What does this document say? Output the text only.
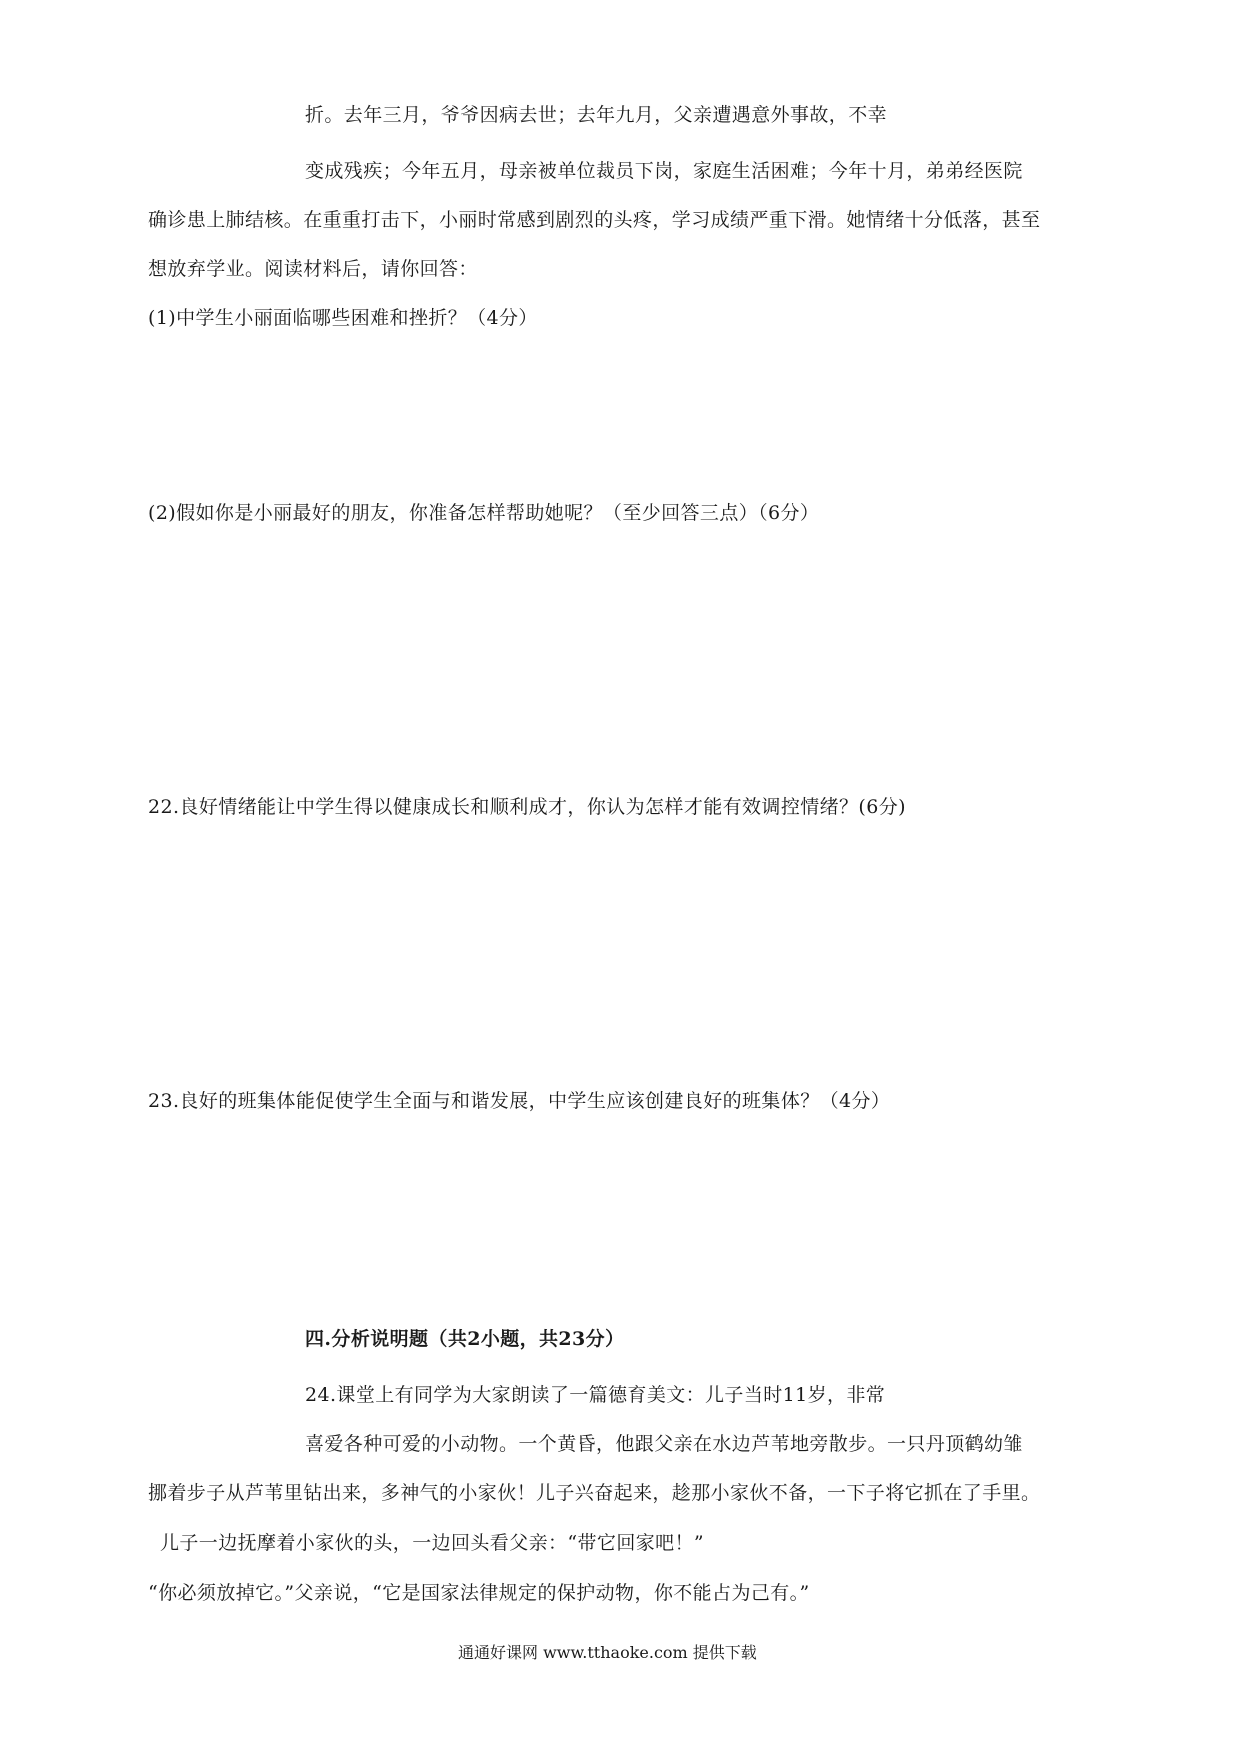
折。去年三月，爷爷因病去世；去年九月，父亲遭遇意外事故，不幸
变成残疾；今年五月，母亲被单位裁员下岗，家庭生活困难；今年十月，弟弟经医院
确诊患上肺结核。在重重打击下，小丽时常感到剧烈的头疼，学习成绩严重下滑。她情绪十分低落，甚至
想放弃学业。阅读材料后，请你回答：
(1)中学生小丽面临哪些困难和挫折？（4分）
(2)假如你是小丽最好的朋友，你准备怎样帮助她呢？（至少回答三点）（6分）
22.良好情绪能让中学生得以健康成长和顺利成才，你认为怎样才能有效调控情绪？(6分)
23.良好的班集体能促使学生全面与和谐发展，中学生应该创建良好的班集体？（4分）
四.分析说明题（共2小题，共23分）
24.课堂上有同学为大家朗读了一篇德育美文：儿子当时11岁，非常
喜爱各种可爱的小动物。一个黄昏，他跟父亲在水边芦苇地旁散步。一只丹顶鹤幼雏
挪着步子从芦苇里钻出来，多神气的小家伙！儿子兴奋起来，趁那小家伙不备，一下子将它抓在了手里。
儿子一边抚摩着小家伙的头，一边回头看父亲：“带它回家吧！”
“你必须放掉它。”父亲说，“它是国家法律规定的保护动物，你不能占为己有。”
通通好课网 www.tthaoke.com 提供下载
